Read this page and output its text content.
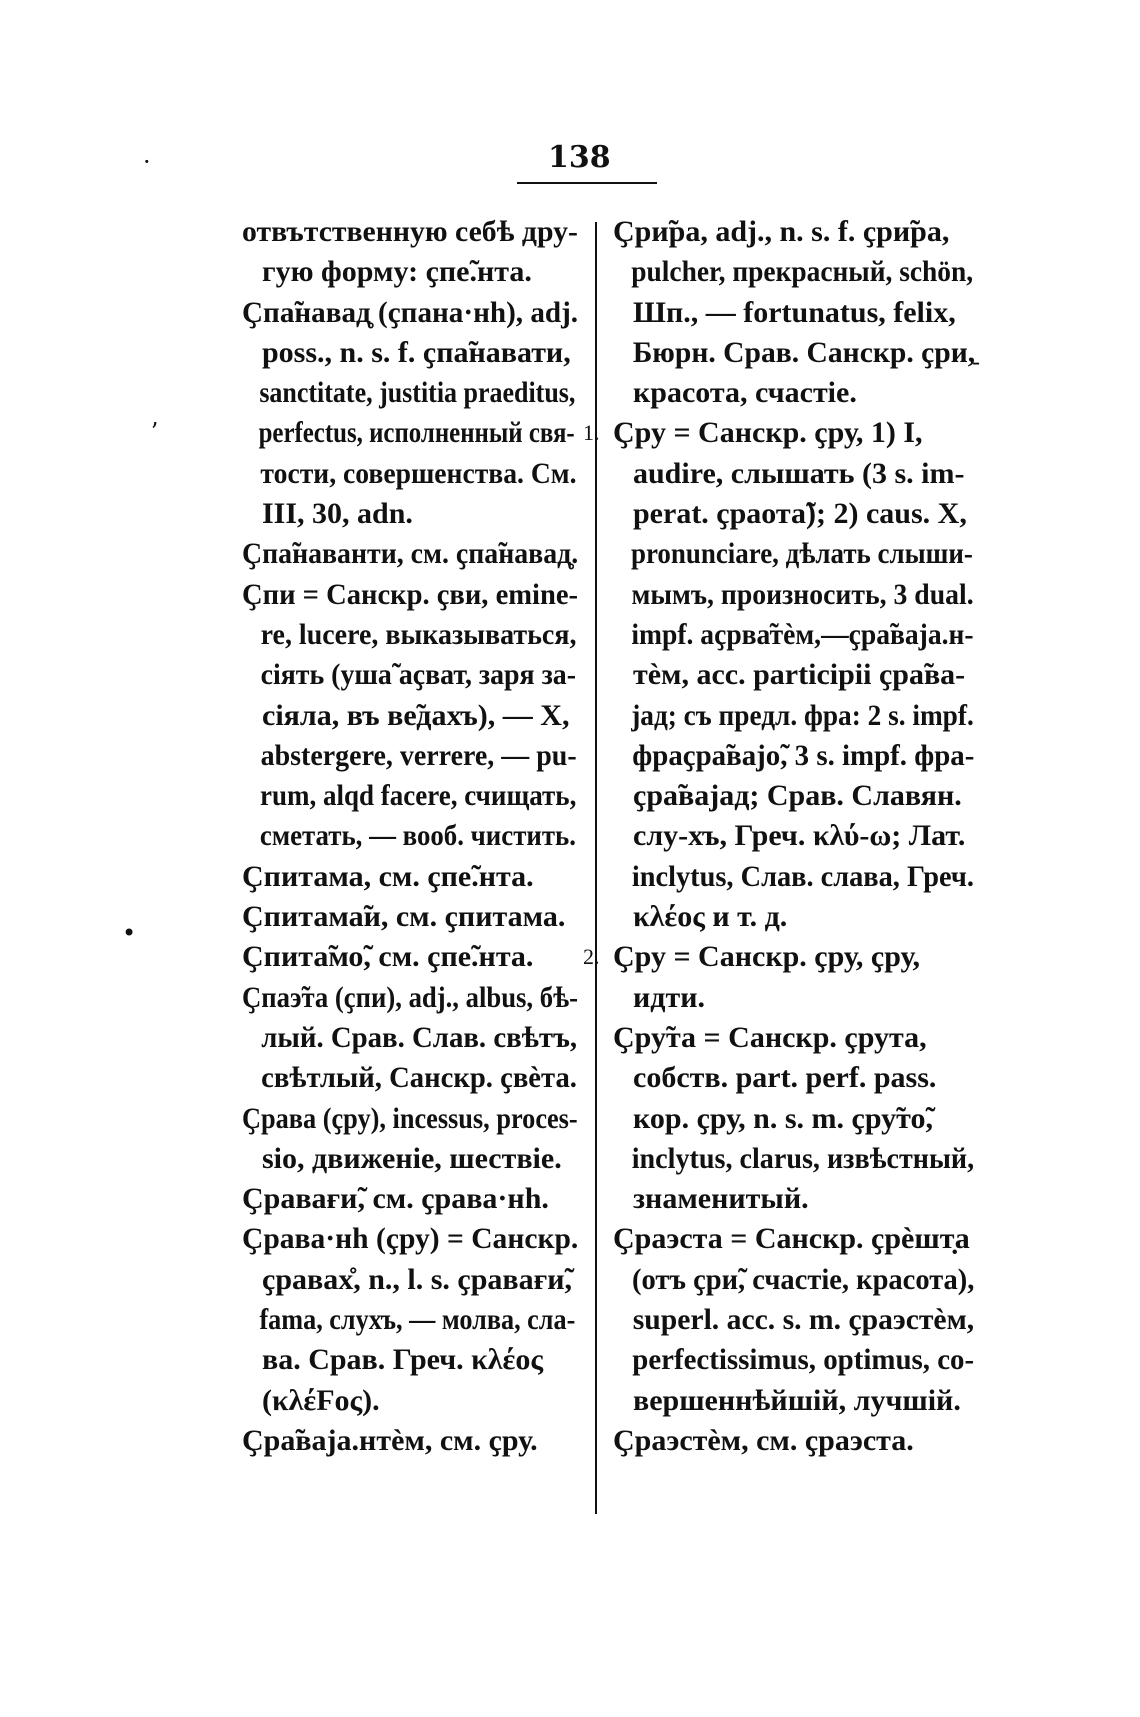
138
·
ʼ
•
-
отвътственную себѣ дру-
гую форму: ҫпе̃.нта.
Ҫпа̃навад̥ (ҫпана·нh), adj.
poss., n. s. f. ҫпа̃навати,
sanctitate, justitia praeditus,
perfectus, исполненный свя-
тости, совершенства. См.
III, 30, adn.
Ҫпа̃наванти, см. ҫпа̃навад̥.
Ҫпи = Санскр. ҫви, emine-
re, lucere, выказываться,
сiять (уша̃ аҫват, заря за-
сiяла, въ ве̃дахъ), — X,
abstergere, verrere, — pu-
rum, alqd facere, счищать,
сметать, — вооб. чистить.
Ҫпитама, см. ҫпе̃.нта.
Ҫпитама̃и, см. ҫпитама.
Ҫпита̃мо̃, см. ҫпе̃.нта.
Ҫпаэ̃та (ҫпи), adj., albus, бѣ-
лый. Срав. Слав. свѣтъ,
свѣтлый, Санскр. ҫвѐта.
Ҫрава (ҫру), incessus, proces-
sio, движенiе, шествiе.
Ҫравағи̃, см. ҫрава·нh.
Ҫрава·нh (ҫру) = Санскр.
ҫравах̊, n., l. s. ҫравағи̃,
fama, слухъ, — молва, сла-
ва. Срав. Греч. κλέος
(κλέϜος).
Ҫра̃ваја.нтѐм, см. ҫру.
Ҫри̃ра, adj., n. s. f. ҫри̃ра,
pulcher, прекрасный, schön,
Шп., — fortunatus, felix,
Бюрн. Срав. Санскр. ҫри,
красота, счастiе.
1. Ҫру = Санскр. ҫру, 1) I,
audire, слышать (3 s. im-
perat. ҫраота̃); 2) caus. X,
pronunciare, дѣлать слыши-
мымъ, произносить, 3 dual.
impf. аҫрва̃тѐм,—ҫра̃ваја.н-
тѐм, acc. participii ҫра̃ва-
јад; съ предл. фра: 2 s. impf.
фраҫра̃вајо̃, 3 s. impf. фра-
ҫра̃вајад; Срав. Славян.
слу-хъ, Греч. κλύ-ω; Лат.
inclytus, Слав. слава, Греч.
κλέος и т. д.
2. Ҫру = Санскр. ҫру, ҫру,
идти.
Ҫру̃та = Санскр. ҫрута,
собств. part. perf. pass.
кор. ҫру, n. s. m. ҫру̃то̃,
inclytus, clarus, извѣстный,
знаменитый.
Ҫраэста = Санскр. ҫрѐшт̣а
(отъ ҫри̃, счастiе, красота),
superl. acc. s. m. ҫраэстѐм,
perfectissimus, optimus, со-
вершеннѣйшiй, лучшiй.
Ҫраэстѐм, см. ҫраэста.
